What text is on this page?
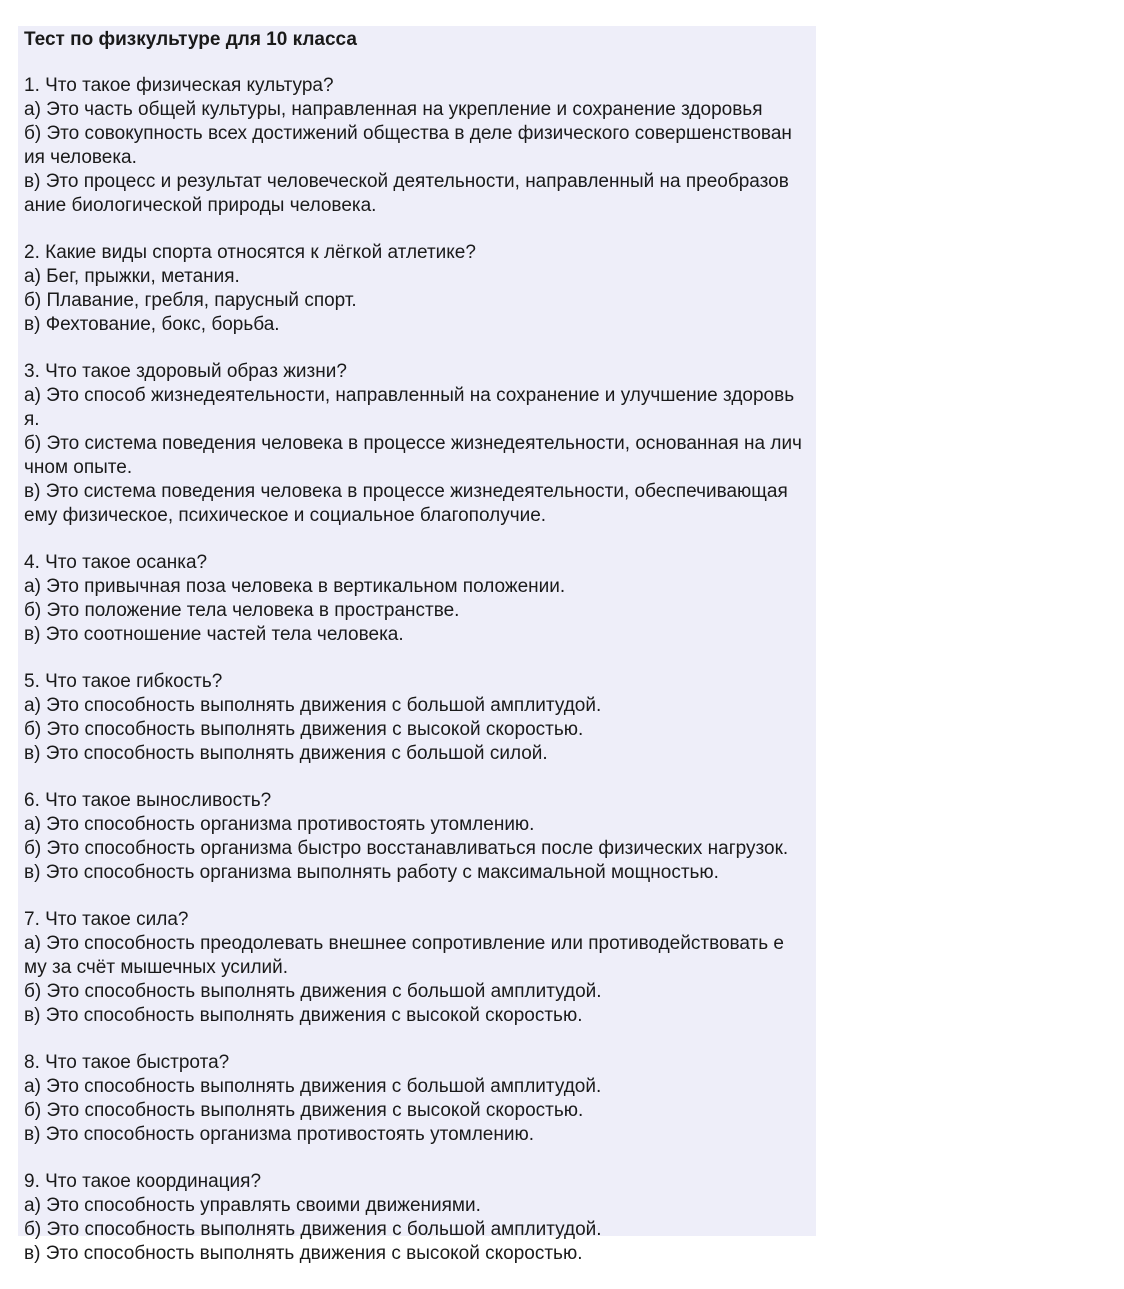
Тест по физкультуре для 10 класса
1. Что такое физическая культура?
а) Это часть общей культуры, направленная на укрепление и сохранение здоровья
б) Это совокупность всех достижений общества в деле физического совершенствован
ия человека.
в) Это процесс и результат человеческой деятельности, направленный на преобразов
ание биологической природы человека.
2. Какие виды спорта относятся к лёгкой атлетике?
а) Бег, прыжки, метания.
б) Плавание, гребля, парусный спорт.
в) Фехтование, бокс, борьба.
3. Что такое здоровый образ жизни?
а) Это способ жизнедеятельности, направленный на сохранение и улучшение здоровь
я.
б) Это система поведения человека в процессе жизнедеятельности, основанная на лич
чном опыте.
в) Это система поведения человека в процессе жизнедеятельности, обеспечивающая
ему физическое, психическое и социальное благополучие.
4. Что такое осанка?
а) Это привычная поза человека в вертикальном положении.
б) Это положение тела человека в пространстве.
в) Это соотношение частей тела человека.
5. Что такое гибкость?
а) Это способность выполнять движения с большой амплитудой.
б) Это способность выполнять движения с высокой скоростью.
в) Это способность выполнять движения с большой силой.
6. Что такое выносливость?
а) Это способность организма противостоять утомлению.
б) Это способность организма быстро восстанавливаться после физических нагрузок.
в) Это способность организма выполнять работу с максимальной мощностью.
7. Что такое сила?
а) Это способность преодолевать внешнее сопротивление или противодействовать е
му за счёт мышечных усилий.
б) Это способность выполнять движения с большой амплитудой.
в) Это способность выполнять движения с высокой скоростью.
8. Что такое быстрота?
а) Это способность выполнять движения с большой амплитудой.
б) Это способность выполнять движения с высокой скоростью.
в) Это способность организма противостоять утомлению.
9. Что такое координация?
а) Это способность управлять своими движениями.
б) Это способность выполнять движения с большой амплитудой.
в) Это способность выполнять движения с высокой скоростью.
